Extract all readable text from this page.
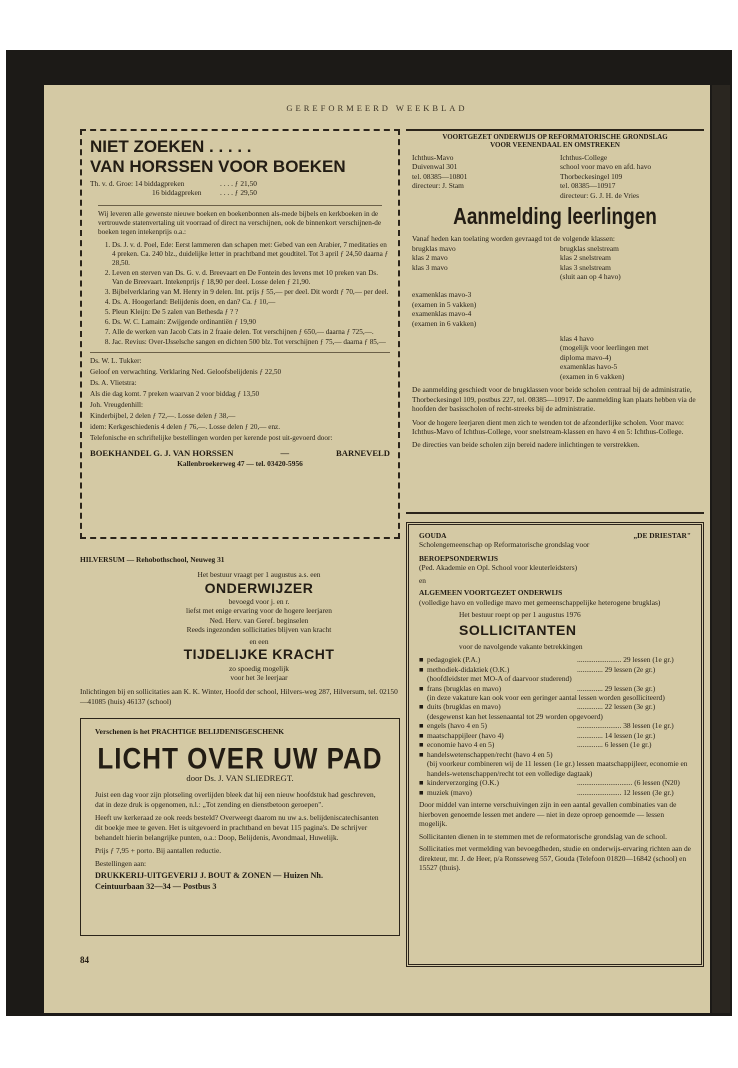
GEREFORMEERD WEEKBLAD
NIET ZOEKEN . . . . .
VAN HORSSEN VOOR BOEKEN
Th. v. d. Groe: 14 biddagpreken	. . . . ƒ 21,50
16 biddagpreken	. . . . ƒ 29,50
Wij leveren alle gewenste nieuwe boeken en boekenbonnen als-mede bijbels en kerkboeken in de vertrouwde statenvertaling uit voorraad of direct na verschijnen, ook de binnenkort verschijnen-de boeken tegen intekenprijs o.a.:
1. Ds. J. v. d. Poel, Ede: Eerst lammeren dan schapen met: Gebed van een Arabier, 7 meditaties en 4 preken. Ca. 240 blz., duidelijke letter in prachtband met goudtitel. Tot 3 april ƒ 24,50 daarna ƒ 28,50.
2. Leven en sterven van Ds. G. v. d. Breevaart en De Fontein des levens met 10 preken van Ds. Van de Breevaart. Intekenprijs ƒ 18,90 per deel. Losse delen ƒ 21,90.
3. Bijbelverklaring van M. Henry in 9 delen. Int. prijs ƒ 55,— per deel. Dit wordt ƒ 70,— per deel.
4. Ds. A. Hoogerland: Belijdenis doen, en dan? Ca. ƒ 10,—
5. Pleun Kleijn: De 5 zalen van Bethesda ƒ ? ?
6. Ds. W. C. Lamain: Zwijgende ordinantiën ƒ 19,90
7. Alle de werken van Jacob Cats in 2 fraaie delen. Tot verschijnen ƒ 650,— daarna ƒ 725,—.
8. Jac. Revius: Over-IJsselsche sangen en dichten 500 blz. Tot verschijnen ƒ 75,— daarna ƒ 85,—

Ds. W. L. Tukker:

Geloof en verwachting. Verklaring Ned. Geloofsbelijdenis ƒ 22,50

Ds. A. Vlietstra:

Als die dag komt. 7 preken waarvan 2 voor biddag ƒ 13,50

Joh. Vreugdenhill:

Kinderbijbel, 2 delen ƒ 72,—. Losse delen ƒ 38,—

idem: Kerkgeschiedenis 4 delen ƒ 76,—. Losse delen ƒ 20,— enz.

Telefonische en schriftelijke bestellingen worden per kerende post uit-gevoerd door:

BOEKHANDEL G. J. VAN HORSSEN	—	BARNEVELD
Kallenbroekerweg 47 — tel. 03420-5956
HILVERSUM — Rehobothschool, Neuweg 31
Het bestuur vraagt per 1 augustus a.s. een
ONDERWIJZER
bevoegd voor j. en r.
liefst met enige ervaring voor de hogere leerjaren
Ned. Herv. van Geref. beginselen
Reeds ingezonden sollicitaties blijven van kracht
en een
TIJDELIJKE KRACHT
zo spoedig mogelijk
voor het 3e leerjaar
Inlichtingen bij en sollicitaties aan K. K. Winter, Hoofd der school, Hilvers-weg 287, Hilversum, tel. 02150—41085 (huis) 46137 (school)
Verschenen is het PRACHTIGE BELIJDENISGESCHENK
LICHT OVER UW PAD
door Ds. J. VAN SLIEDREGT.

Juist een dag voor zijn plotseling overlijden bleek dat hij een nieuw hoofdstuk had geschreven, dat in deze druk is opgenomen, n.l.: „Tot zending en dienstbetoon geroepen".

Heeft uw kerkeraad ze ook reeds besteld? Overweegt daarom nu uw a.s. belijdeniscatechisanten dit boekje mee te geven. Het is uitgevoerd in prachtband en bevat 115 pagina's. De schrijver behandelt hierin belangrijke punten, o.a.: Doop, Belijdenis, Avondmaal, Huwelijk.

Prijs ƒ 7,95 + porto. Bij aantallen reductie.

Bestellingen aan:

DRUKKERIJ-UITGEVERIJ J. BOUT & ZONEN — Huizen Nh.
Ceintuurbaan 32—34 — Postbus 3
VOORTGEZET ONDERWIJS OP REFORMATORISCHE GRONDSLAG
VOOR VEENENDAAL EN OMSTREKEN
Ichthus-Mavo
Duivenwal 301
tel. 08385—10801
directeur: J. Stam
Ichthus-College
school voor mavo en afd. havo
Thorbeckesingel 109
tel. 08385—10917
directeur: G. J. H. de Vries
Aanmelding leerlingen
Vanaf heden kan toelating worden gevraagd tot de volgende klassen:
brugklas mavo
klas 2 mavo
klas 3 mavo
examenklas mavo-3
(examen in 5 vakken)
examenklas mavo-4
(examen in 6 vakken)
brugklas snelstream
klas 2 snelstream
klas 3 snelstream
(sluit aan op 4 havo)
klas 4 havo
(mogelijk voor leerlingen met
diploma mavo-4)
examenklas havo-5
(examen in 6 vakken)

De aanmelding geschiedt voor de brugklassen voor beide scholen centraal bij de administratie, Thorbeckesingel 109, postbus 227, tel. 08385—10917. De aanmelding kan plaats hebben via de hoofden der basisscholen of recht-streeks bij de administratie.

Voor de hogere leerjaren dient men zich te wenden tot de afzonderlijke scholen. Voor mavo: Ichthus-Mavo of Ichthus-College, voor snelstream-klassen en havo 4 en 5: Ichthus-College.

De directies van beide scholen zijn bereid nadere inlichtingen te verstrekken.

GOUDA	„DE DRIESTAR"
Scholengemeenschap op Reformatorische grondslag voor
BEROEPSONDERWIJS
(Ped. Akademie en Opl. School voor kleuterleidsters)
en
ALGEMEEN VOORTGEZET ONDERWIJS
(volledige havo en volledige mavo met gemeenschappelijke heterogene brugklas)
Het bestuur roept op per 1 augustus 1976
SOLLICITANTEN
voor de navolgende vakante betrekkingen
■ pedagogiek (P.A.)	........................ 29 lessen (1e gr.)
■ methodiek-didaktiek (O.K.)	.............. 29 lessen (2e gr.)
(hoofdleidster met MO-A of daarvoor studerend)
■ frans (brugklas en mavo)	.............. 29 lessen (3e gr.)
(in deze vakature kan ook voor een geringer aantal lessen worden gesolliciteerd)
■ duits (brugklas en mavo)	.............. 22 lessen (3e gr.)
(desgewenst kan het lessenaantal tot 29 worden opgevoerd)
■ engels (havo 4 en 5)	........................ 38 lessen (1e gr.)
■ maatschappijleer (havo 4)	.............. 14 lessen (1e gr.)
■ economie havo 4 en 5)	.............. 6 lessen (1e gr.)
■ handelswetenschappen/recht (havo 4 en 5)
(bij voorkeur combineren wij de 11 lessen (1e gr.) lessen maatschappijleer, economie en handels-wetenschappen/recht tot een volledige dagtaak)
■ kinderverzorging (O.K.)	.............................. (6 lessen (N20)
■ muziek (mavo)	........................ 12 lessen (3e gr.)

Door middel van interne verschuivingen zijn in een aantal gevallen combinaties van de hierboven genoemde lessen met andere — niet in deze oproep genoemde — lessen mogelijk.

Sollicitanten dienen in te stemmen met de reformatorische grondslag van de school.

Sollicitaties met vermelding van bevoegdheden, studie en onderwijs-ervaring richten aan de direkteur, mr. J. de Heer, p/a Ronsseweg 557, Gouda (Telefoon 01820—16842 (school) en 15527 (thuis).

84
